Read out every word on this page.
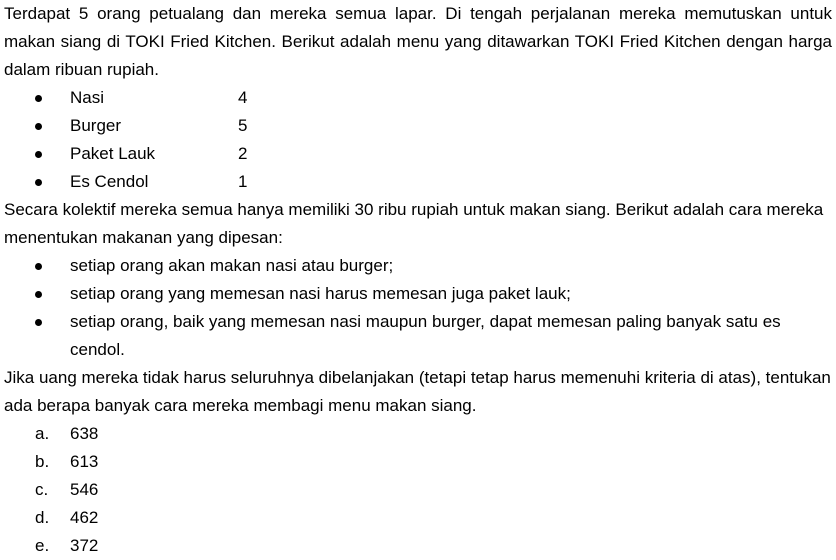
Terdapat 5 orang petualang dan mereka semua lapar. Di tengah perjalanan mereka memutuskan untuk makan siang di TOKI Fried Kitchen. Berikut adalah menu yang ditawarkan TOKI Fried Kitchen dengan harga dalam ribuan rupiah.

Nasi	4
Burger	5
Paket Lauk	2
Es Cendol	1

Secara kolektif mereka semua hanya memiliki 30 ribu rupiah untuk makan siang. Berikut adalah cara mereka menentukan makanan yang dipesan:

setiap orang akan makan nasi atau burger;
setiap orang yang memesan nasi harus memesan juga paket lauk;
setiap orang, baik yang memesan nasi maupun burger, dapat memesan paling banyak satu es cendol.

Jika uang mereka tidak harus seluruhnya dibelanjakan (tetapi tetap harus memenuhi kriteria di atas), tentukan ada berapa banyak cara mereka membagi menu makan siang.

a. 638
b. 613
c. 546
d. 462
e. 372
